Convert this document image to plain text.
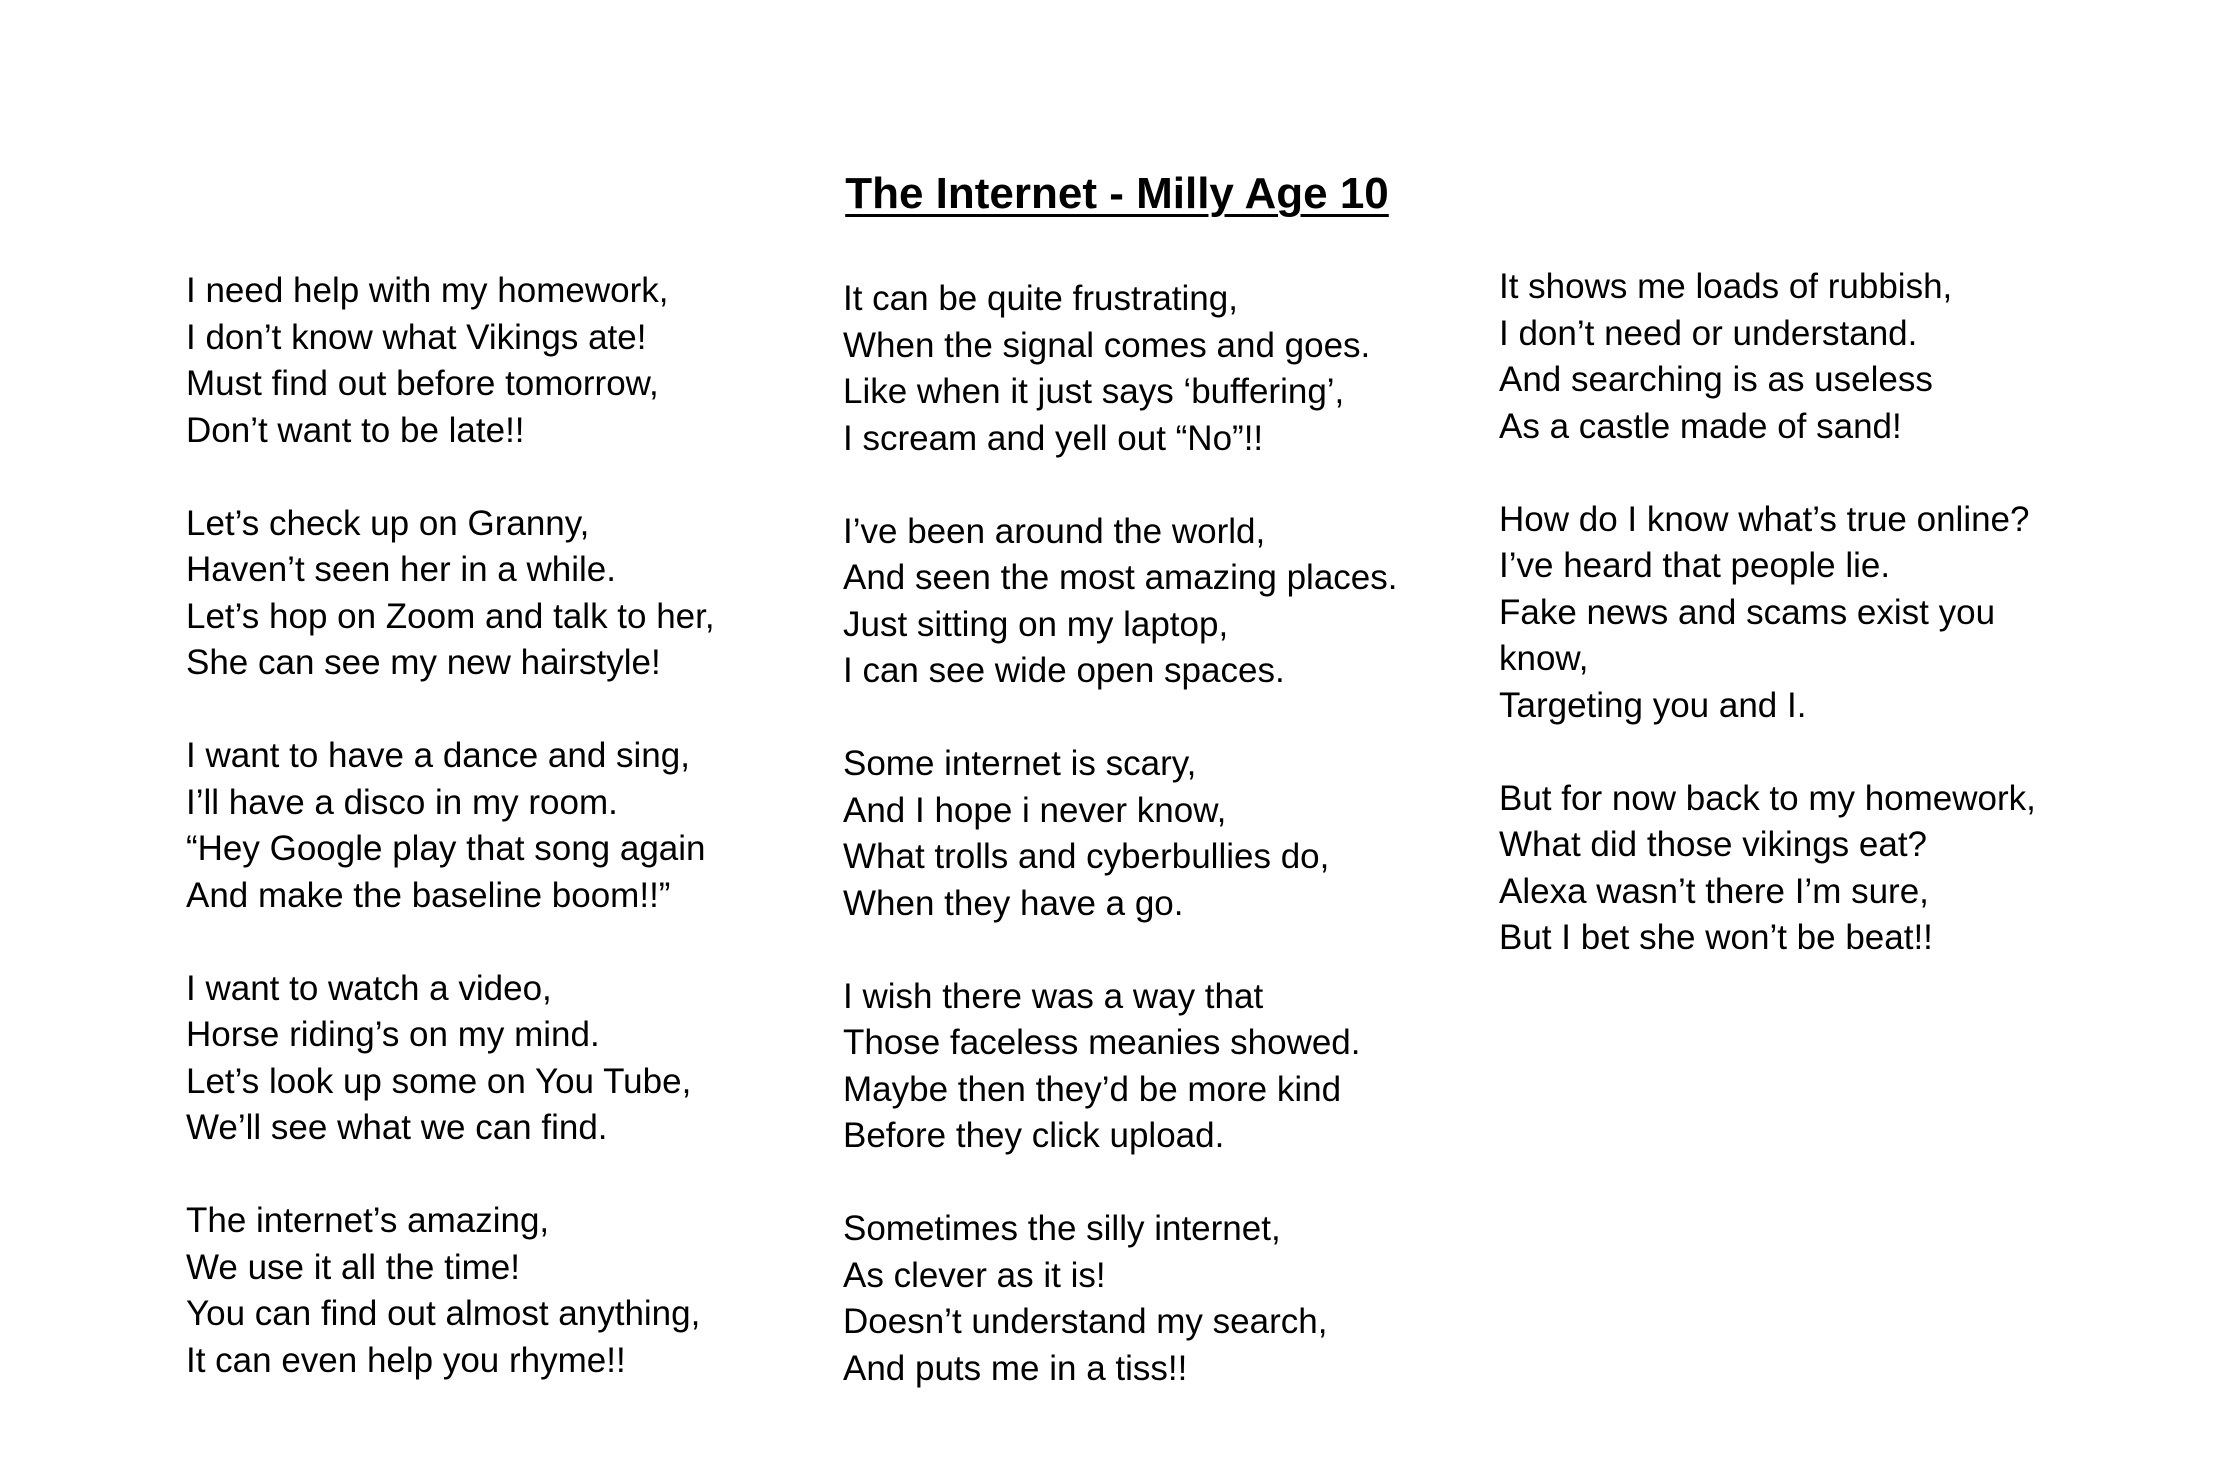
The Internet - Milly Age 10
I need help with my homework,
I don’t know what Vikings ate!
Must find out before tomorrow,
Don’t want to be late!!
Let’s check up on Granny,
Haven’t seen her in a while.
Let’s hop on Zoom and talk to her,
She can see my new hairstyle!
I want to have a dance and sing,
I’ll have a disco in my room.
“Hey Google play that song again
And make the baseline boom!!”
I want to watch a video,
Horse riding’s on my mind.
Let’s look up some on You Tube,
We’ll see what we can find.
The internet’s amazing,
We use it all the time!
You can find out almost anything,
It can even help you rhyme!!
It can be quite frustrating,
When the signal comes and goes.
Like when it just says ‘buffering’,
I scream and yell out “No”!!
I’ve been around the world,
And seen the most amazing places.
Just sitting on my laptop,
I can see wide open spaces.
Some internet is scary,
And I hope i never know,
What trolls and cyberbullies do,
When they have a go.
I wish there was a way that
Those faceless meanies showed.
Maybe then they’d be more kind
Before they click upload.
Sometimes the silly internet,
As clever as it is!
Doesn’t understand my search,
And puts me in a tiss!!
It shows me loads of rubbish,
I don’t need or understand.
And searching is as useless
As a castle made of sand!
How do I know what’s true online?
I’ve heard that people lie.
Fake news and scams exist you
know,
Targeting you and I.
But for now back to my homework,
What did those vikings eat?
Alexa wasn’t there I’m sure,
But I bet she won’t be beat!!
